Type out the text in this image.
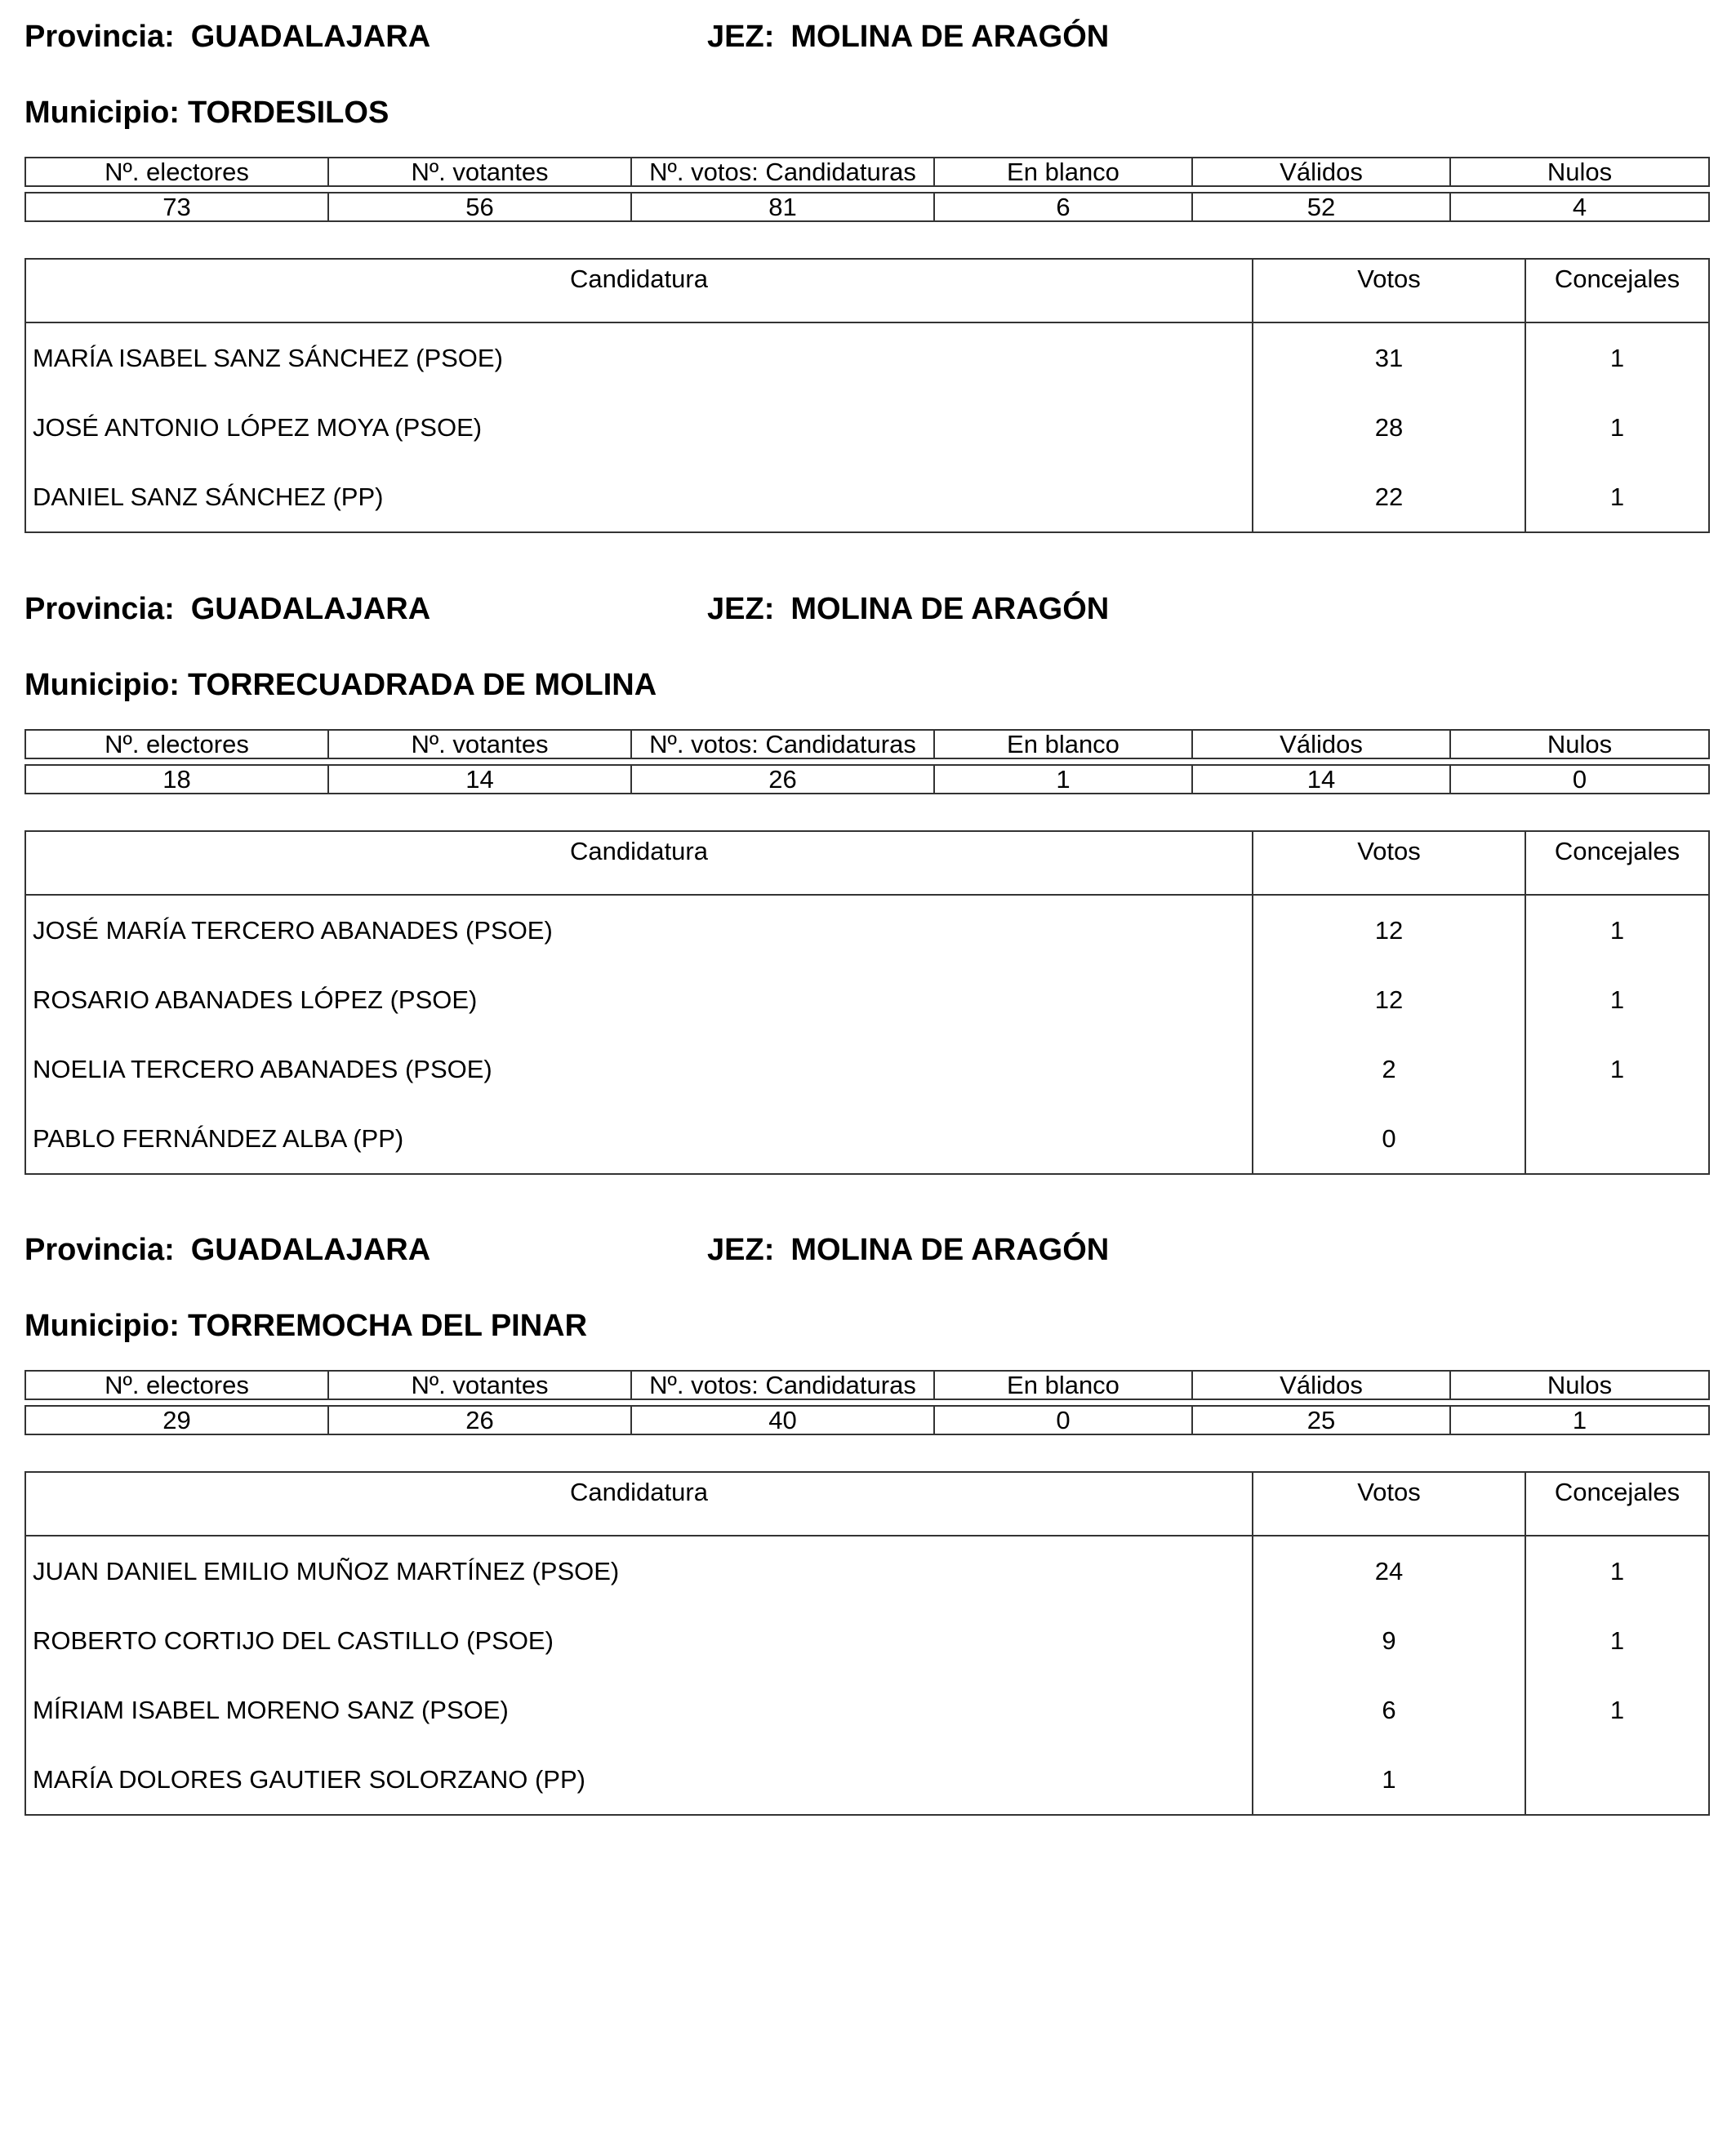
Provincia: GUADALAJARA	JEZ: MOLINA DE ARAGÓN
Municipio: TORDESILOS
Nº. electores	Nº. votantes	Nº. votos: Candidaturas	En blanco	Válidos	Nulos

73	56	81	6	52	4
Candidatura	Votos	Concejales
MARÍA ISABEL SANZ SÁNCHEZ (PSOE)	31	1
JOSÉ ANTONIO LÓPEZ MOYA (PSOE)	28	1
DANIEL SANZ SÁNCHEZ (PP)	22	1
Provincia: GUADALAJARA	JEZ: MOLINA DE ARAGÓN
Municipio: TORRECUADRADA DE MOLINA
Nº. electores	Nº. votantes	Nº. votos: Candidaturas	En blanco	Válidos	Nulos

18	14	26	1	14	0
Candidatura	Votos	Concejales
JOSÉ MARÍA TERCERO ABANADES (PSOE)	12	1
ROSARIO ABANADES LÓPEZ (PSOE)	12	1
NOELIA TERCERO ABANADES (PSOE)	2	1
PABLO FERNÁNDEZ ALBA (PP)	0	
Provincia: GUADALAJARA	JEZ: MOLINA DE ARAGÓN
Municipio: TORREMOCHA DEL PINAR
Nº. electores	Nº. votantes	Nº. votos: Candidaturas	En blanco	Válidos	Nulos

29	26	40	0	25	1
Candidatura	Votos	Concejales
JUAN DANIEL EMILIO MUÑOZ MARTÍNEZ (PSOE)	24	1
ROBERTO CORTIJO DEL CASTILLO (PSOE)	9	1
MÍRIAM ISABEL MORENO SANZ (PSOE)	6	1
MARÍA DOLORES GAUTIER SOLORZANO (PP)	1	
